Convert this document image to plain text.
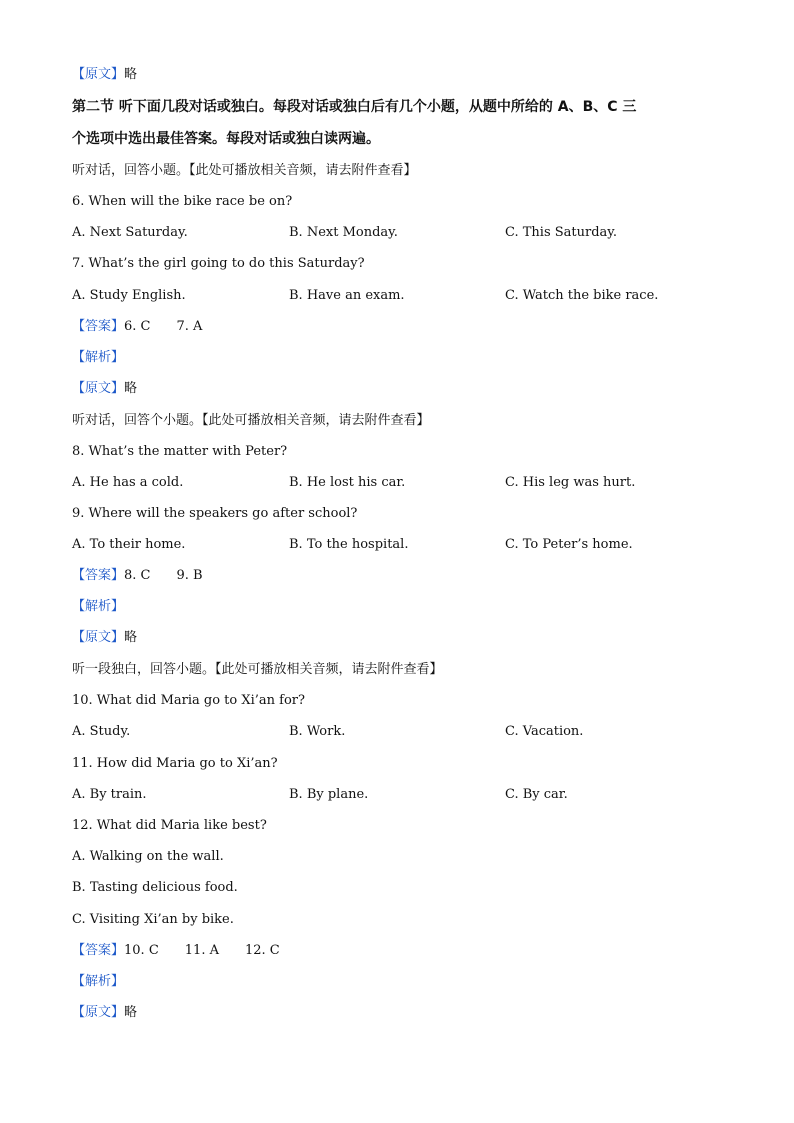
【原文】略
第二节 听下面几段对话或独白。每段对话或独白后有几个小题，从题中所给的 A、B、C 三
个选项中选出最佳答案。每段对话或独白读两遍。
听对话，回答小题。【此处可播放相关音频，请去附件查看】
6. When will the bike race be on?
A. Next Saturday.	B. Next Monday.	C. This Saturday.
7. What’s the girl going to do this Saturday?
A. Study English.	B. Have an exam.	C. Watch the bike race.
【答案】6. C 7. A
【解析】
【原文】略
听对话，回答个小题。【此处可播放相关音频，请去附件查看】
8. What’s the matter with Peter?
A. He has a cold.	B. He lost his car.	C. His leg was hurt.
9. Where will the speakers go after school?
A. To their home.	B. To the hospital.	C. To Peter’s home.
【答案】8. C 9. B
【解析】
【原文】略
听一段独白，回答小题。【此处可播放相关音频，请去附件查看】
10. What did Maria go to Xi’an for?
A. Study.	B. Work.	C. Vacation.
11. How did Maria go to Xi’an?
A. By train.	B. By plane.	C. By car.
12. What did Maria like best?
A. Walking on the wall.
B. Tasting delicious food.
C. Visiting Xi’an by bike.
【答案】10. C 11. A 12. C
【解析】
【原文】略
